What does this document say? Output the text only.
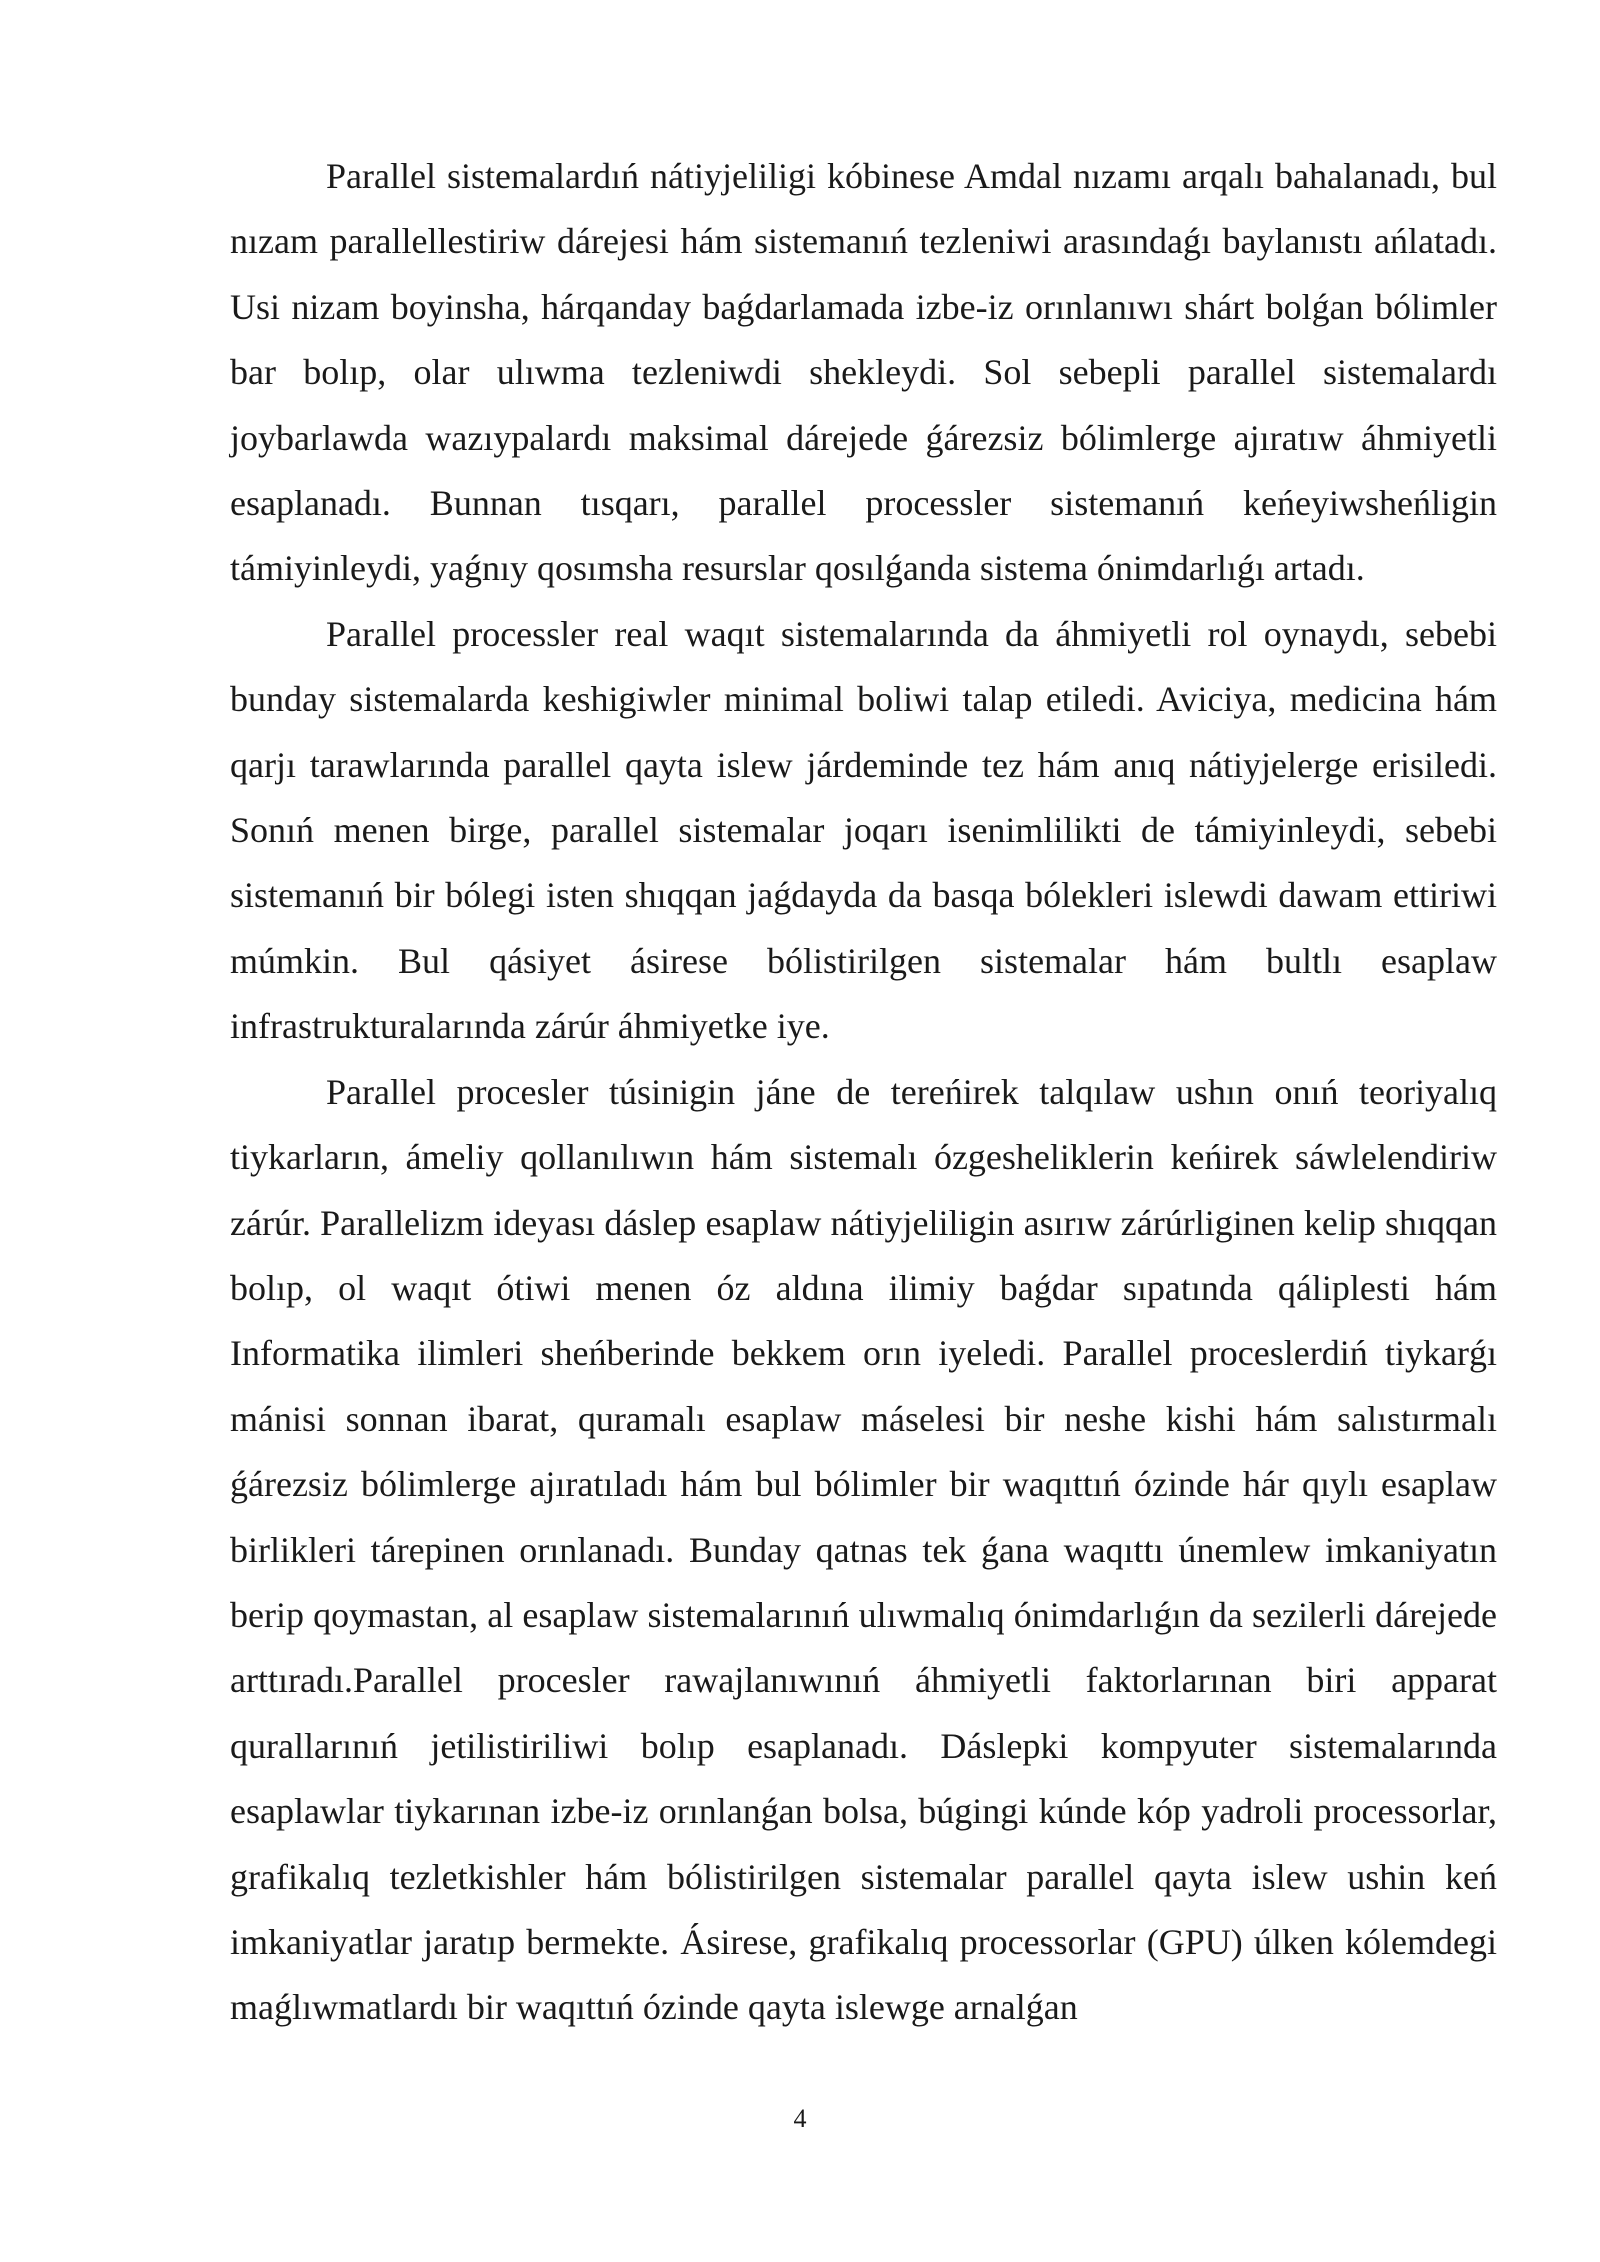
Parallel sistemalardıń nátiyjeliligi kóbinese Amdal nızamı arqalı bahalanadı, bul nızam parallellestiriw dárejesi hám sistemanıń tezleniwi arasındaǵı baylanıstı ańlatadı. Usi nizam boyinsha, hárqanday baǵdarlamada izbe-iz orınlanıwı shárt bolǵan bólimler bar bolıp, olar ulıwma tezleniwdi shekleydi. Sol sebepli parallel sistemalardı joybarlawda wazıypalardı maksimal dárejede ǵárezsiz bólimlerge ajıratıw áhmiyetli esaplanadı. Bunnan tısqarı, parallel processler sistemanıń keńeyiwsheńligin támiyinleydi, yaǵnıy qosımsha resurslar qosılǵanda sistema ónimdarlıǵı artadı.

Parallel processler real waqıt sistemalarında da áhmiyetli rol oynaydı, sebebi bunday sistemalarda keshigiwler minimal boliwi talap etiledi. Aviciya, medicina hám qarjı tarawlarında parallel qayta islew járdeminde tez hám anıq nátiyjelerge erisiledi. Sonıń menen birge, parallel sistemalar joqarı isenimlilikti de támiyinleydi, sebebi sistemanıń bir bólegi isten shıqqan jaǵdayda da basqa bólekleri islewdi dawam ettiriwi múmkin. Bul qásiyet ásirese bólistirilgen sistemalar hám bultlı esaplaw infrastrukturalarında zárúr áhmiyetke iye.

Parallel procesler túsinigin jáne de tereńirek talqılaw ushın onıń teoriyalıq tiykarların, ámeliy qollanılıwın hám sistemalı ózgesheliklerin keńirek sáwlelendiriw zárúr. Parallelizm ideyası dáslep esaplaw nátiyjeliligin asırıw zárúrliginen kelip shıqqan bolıp, ol waqıt ótiwi menen óz aldına ilimiy baǵdar sıpatında qáliplesti hám Informatika ilimleri sheńberinde bekkem orın iyeledi. Parallel proceslerdiń tiykarǵı mánisi sonnan ibarat, quramalı esaplaw máselesi bir neshe kishi hám salıstırmalı ǵárezsiz bólimlerge ajıratıladı hám bul bólimler bir waqıttıń ózinde hár qıylı esaplaw birlikleri tárepinen orınlanadı. Bunday qatnas tek ǵana waqıttı únemlew imkaniyatın berip qoymastan, al esaplaw sistemalarınıń ulıwmalıq ónimdarlıǵın da sezilerli dárejede arttıradı.Parallel procesler rawajlanıwınıń áhmiyetli faktorlarınan biri apparat qurallarınıń jetilistiriliwi bolıp esaplanadı. Dáslepki kompyuter sistemalarında esaplawlar tiykarınan izbe-iz orınlanǵan bolsa, búgingi kúnde kóp yadroli processorlar, grafikalıq tezletkishler hám bólistirilgen sistemalar parallel qayta islew ushin keń imkaniyatlar jaratıp bermekte. Ásirese, grafikalıq processorlar (GPU) úlken kólemdegi maǵlıwmatlardı bir waqıttıń ózinde qayta islewge arnalǵan

4
